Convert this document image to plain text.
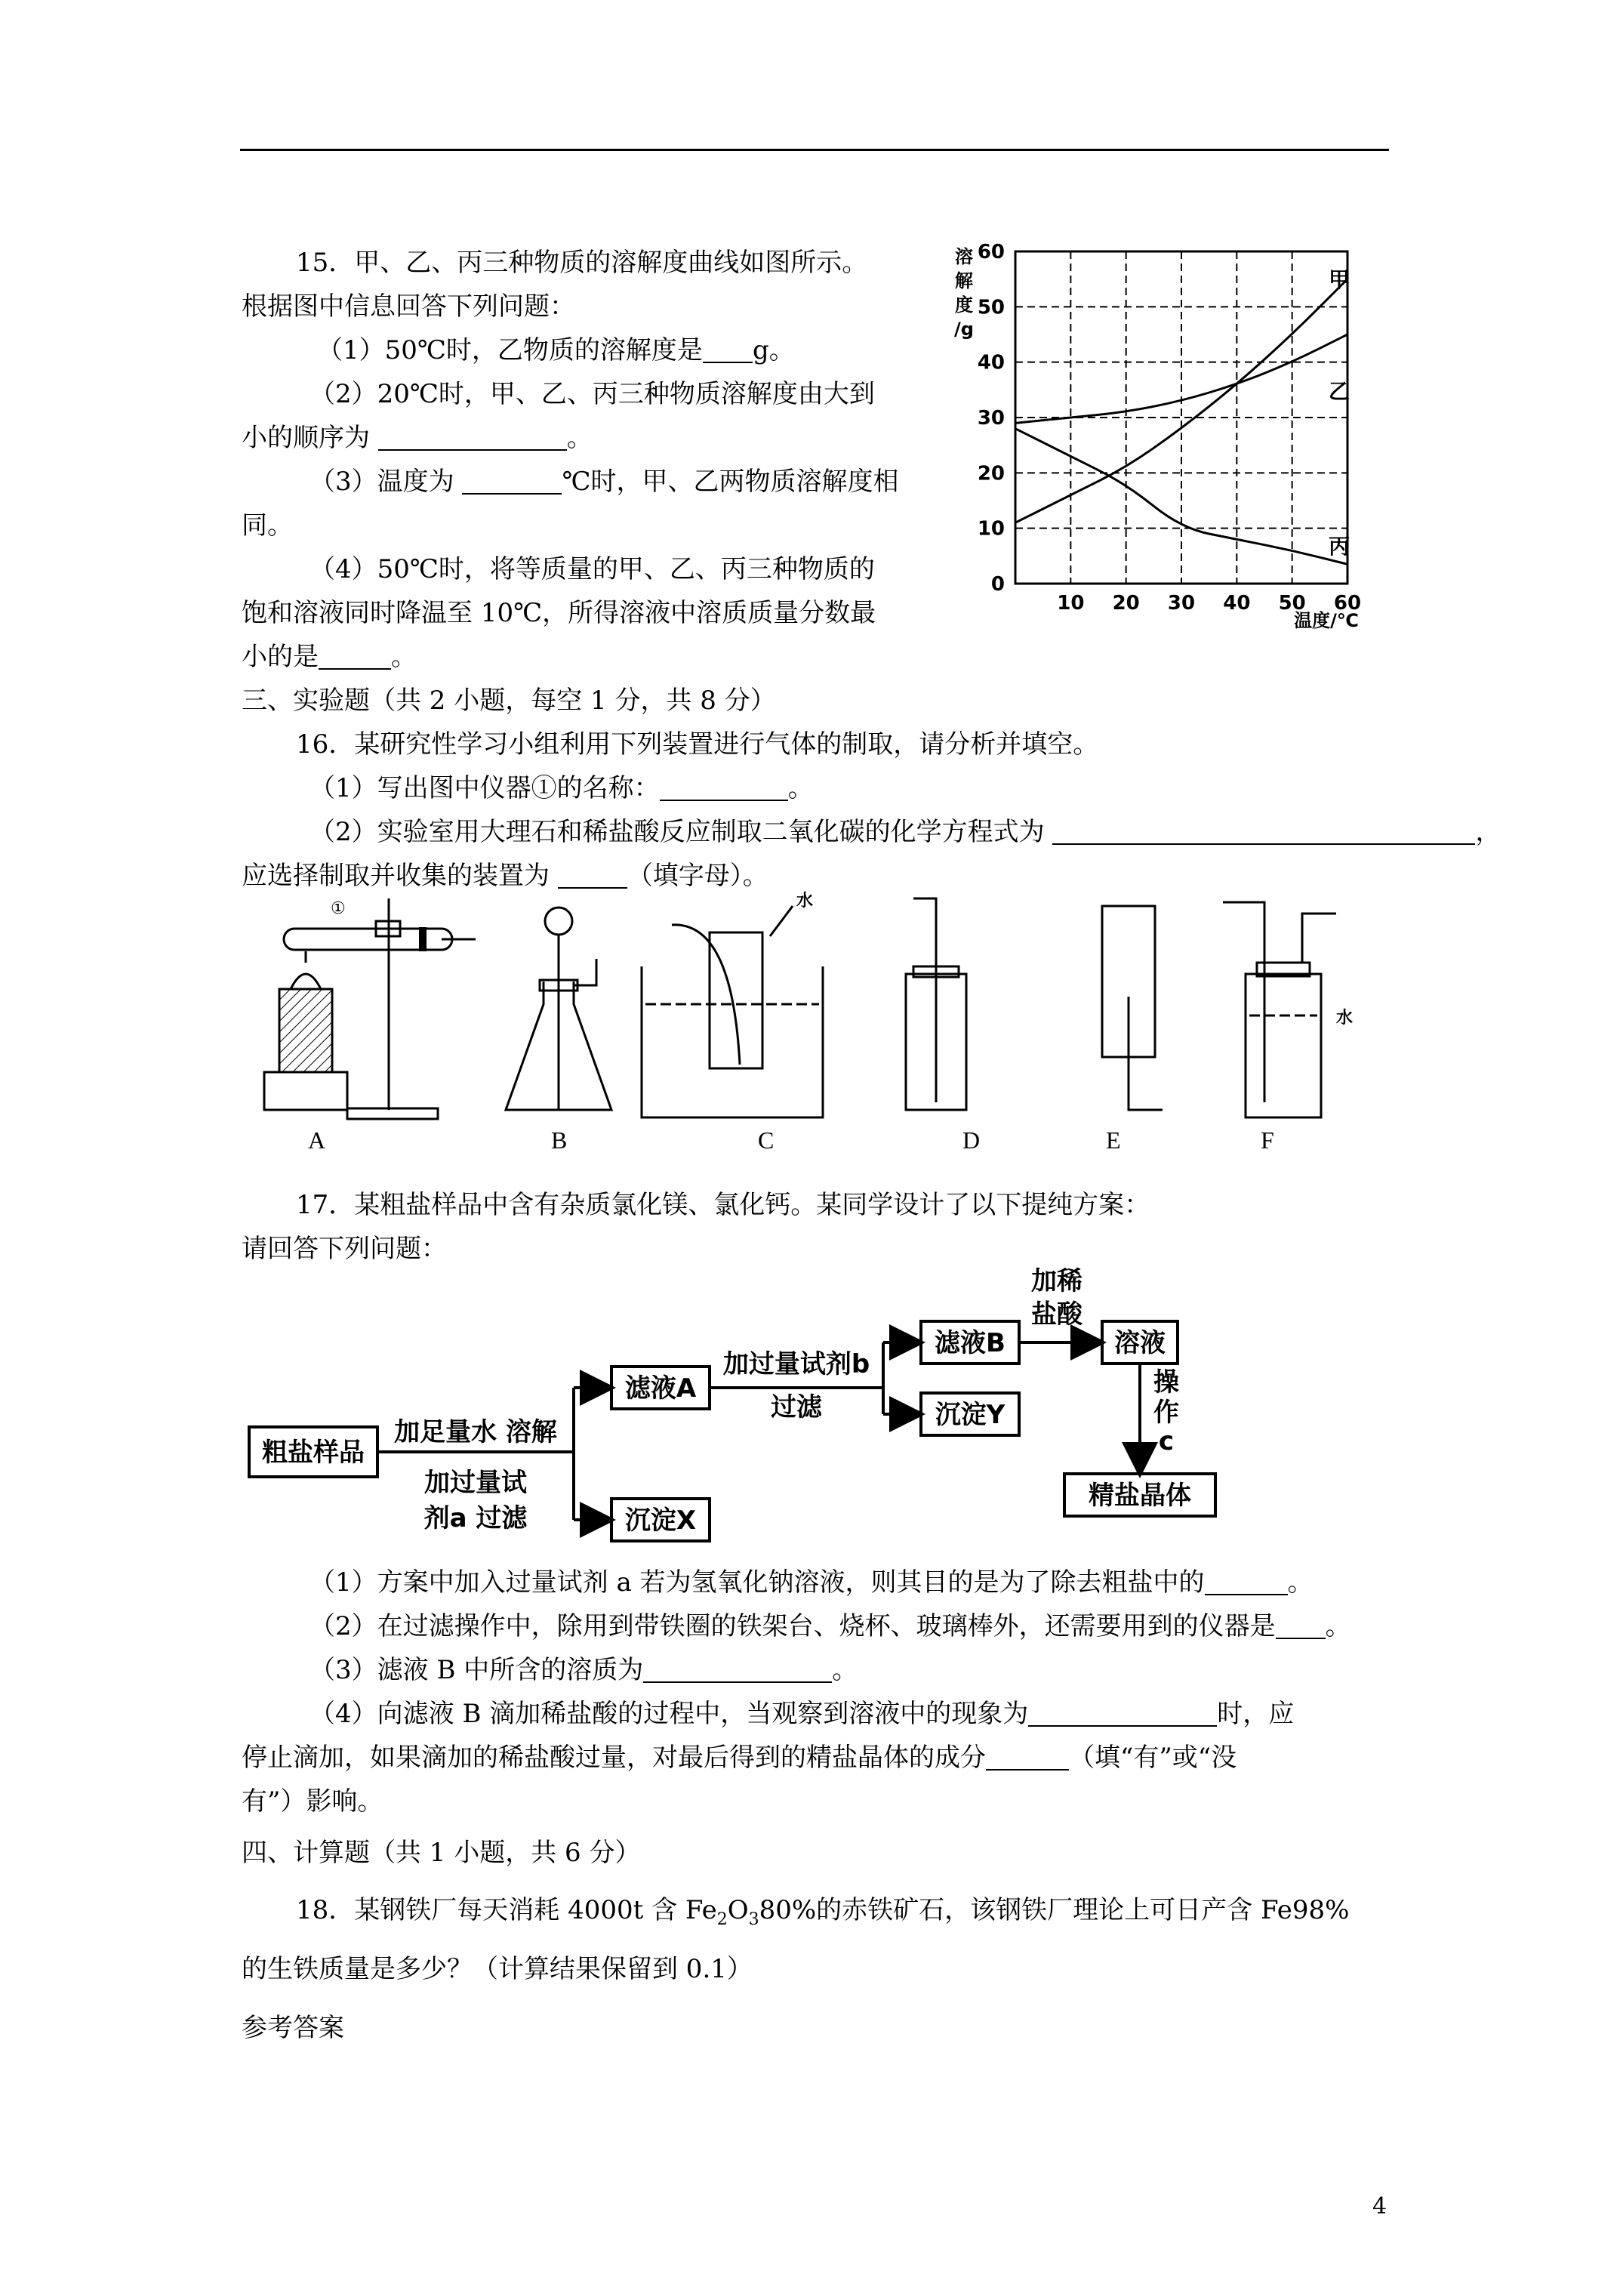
15．甲、乙、丙三种物质的溶解度曲线如图所示。
根据图中信息回答下列问题：
（1）50℃时，乙物质的溶解度是 g。
（2）20℃时，甲、乙、丙三种物质溶解度由大到
小的顺序为	。
（3）温度为	℃时，甲、乙两物质溶解度相
同。
（4）50℃时，将等质量的甲、乙、丙三种物质的
饱和溶液同时降温至 10℃，所得溶液中溶质质量分数最
小的是	。
0
10
20
30
40
50
60
10 20 30 40 50 60
溶
解
度
/g
温度/℃
甲
乙
丙
三、实验题（共 2 小题，每空 1 分，共 8 分）
16．某研究性学习小组利用下列装置进行气体的制取，请分析并填空。
（1）写出图中仪器①的名称：	。
（2）实验室用大理石和稀盐酸反应制取二氧化碳的化学方程式为	，
应选择制取并收集的装置为	（填字母）。
①	水
水
A	B	C	D	E	F
17．某粗盐样品中含有杂质氯化镁、氯化钙。某同学设计了以下提纯方案：
请回答下列问题：
粗盐样品
加足量水 溶解
加过量试
剂a 过滤
滤液A
沉淀X
加过量试剂b
过滤
滤液B
沉淀Y
加稀
盐酸
溶液
操
作
c
精盐晶体
（1）方案中加入过量试剂 a 若为氢氧化钠溶液，则其目的是为了除去粗盐中的	。
（2）在过滤操作中，除用到带铁圈的铁架台、烧杯、玻璃棒外，还需要用到的仪器是 。
（3）滤液 B 中所含的溶质为	。
（4）向滤液 B 滴加稀盐酸的过程中，当观察到溶液中的现象为	时，应
停止滴加，如果滴加的稀盐酸过量，对最后得到的精盐晶体的成分	（填“有”或“没
有”）影响。
四、计算题（共 1 小题，共 6 分）
18．某钢铁厂每天消耗 4000t 含 $Fe_2O_380\%$的赤铁矿石，该钢铁厂理论上可日产含 Fe98%
的生铁质量是多少？（计算结果保留到 0.1）
参考答案
4
